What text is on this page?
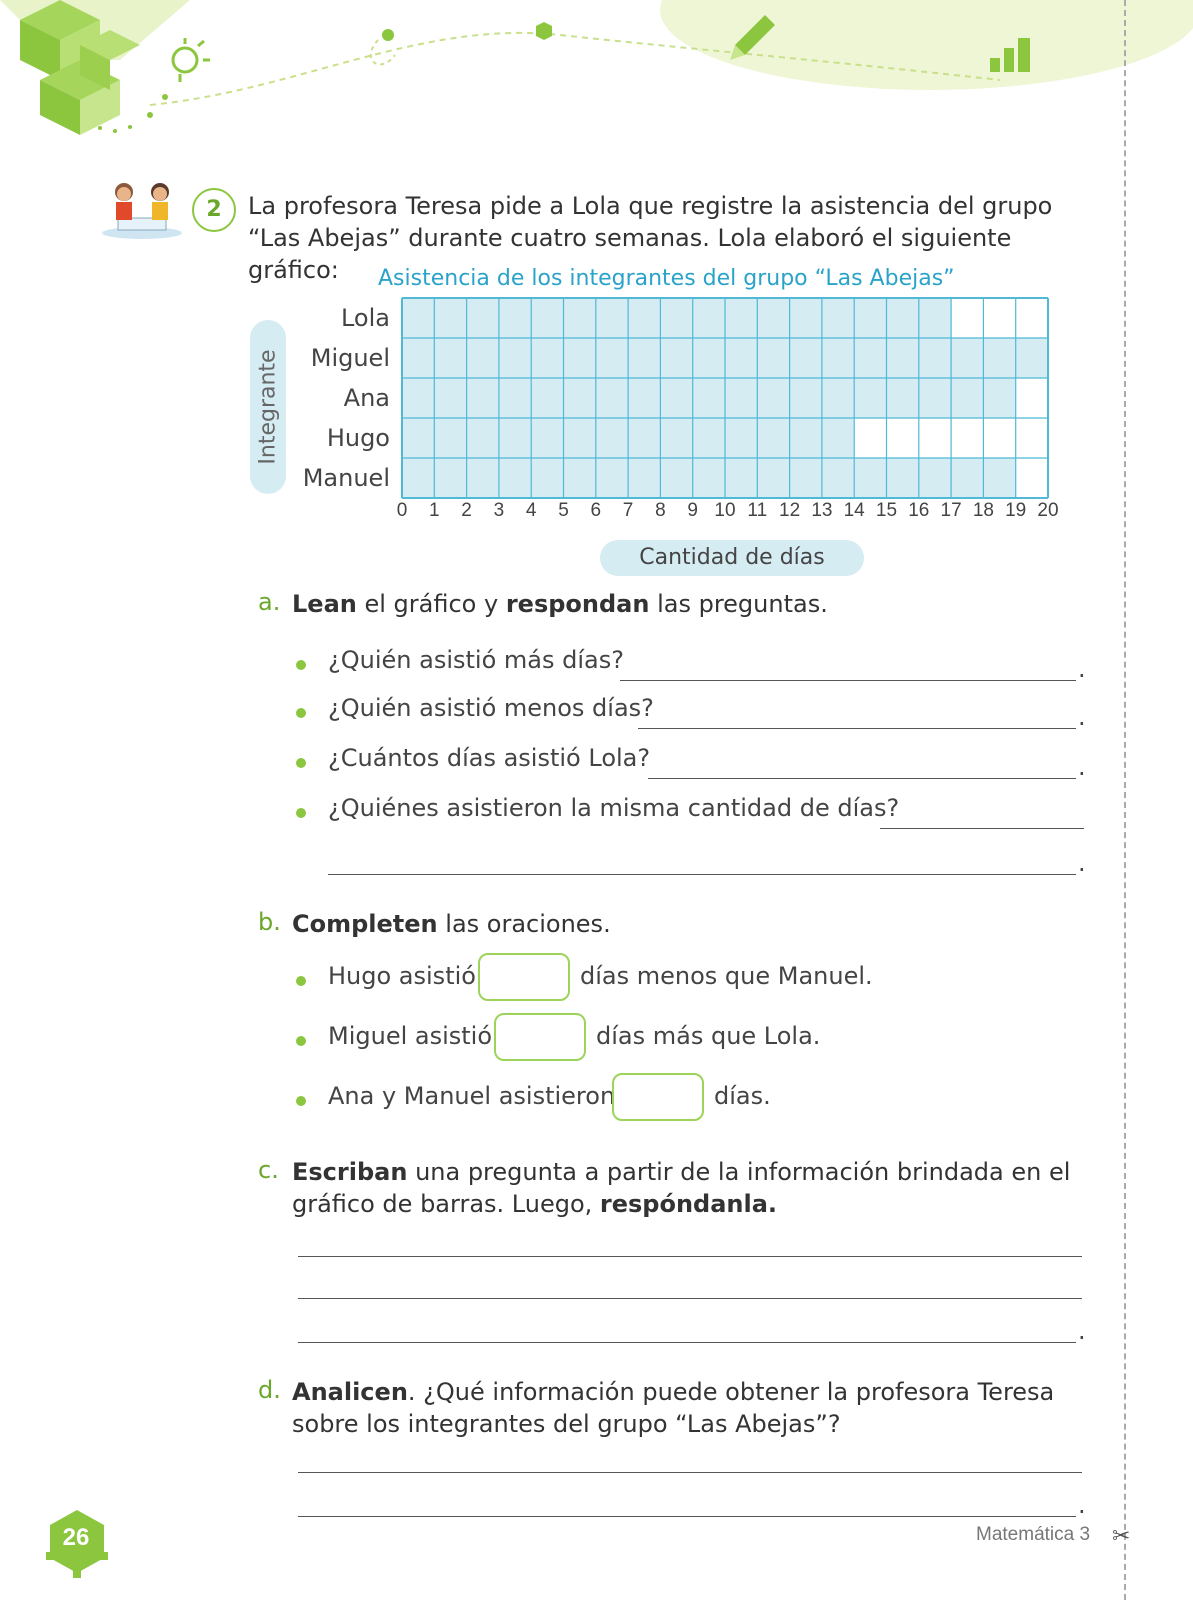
✂
2	La profesora Teresa pide a Lola que registre la asistencia del grupo “Las Abejas” durante cuatro semanas. Lola elaboró el siguiente gráfico:	Asistencia de los integrantes del grupo “Las Abejas”
Integrante
Lola
Miguel
Ana
Hugo
Manuel
0	1	2	3	4	5	6	7	8	9 10 11 12 13 14 15 16 17 18 19 20
Cantidad de días
a. Lean el gráfico y respondan las preguntas.
¿Quién asistió más días?	.
¿Quién asistió menos días?	.
¿Cuántos días asistió Lola?	.
¿Quiénes asistieron la misma cantidad de días?
.
b. Completen las oraciones.
Hugo asistió	días menos que Manuel.
Miguel asistió	días más que Lola.
Ana y Manuel asistieron	días.
c. Escriban una pregunta a partir de la información brindada en el gráfico de barras. Luego, respóndanla.
.
d. Analicen. ¿Qué información puede obtener la profesora Teresa sobre los integrantes del grupo “Las Abejas”?
.
26	Matemática 3
